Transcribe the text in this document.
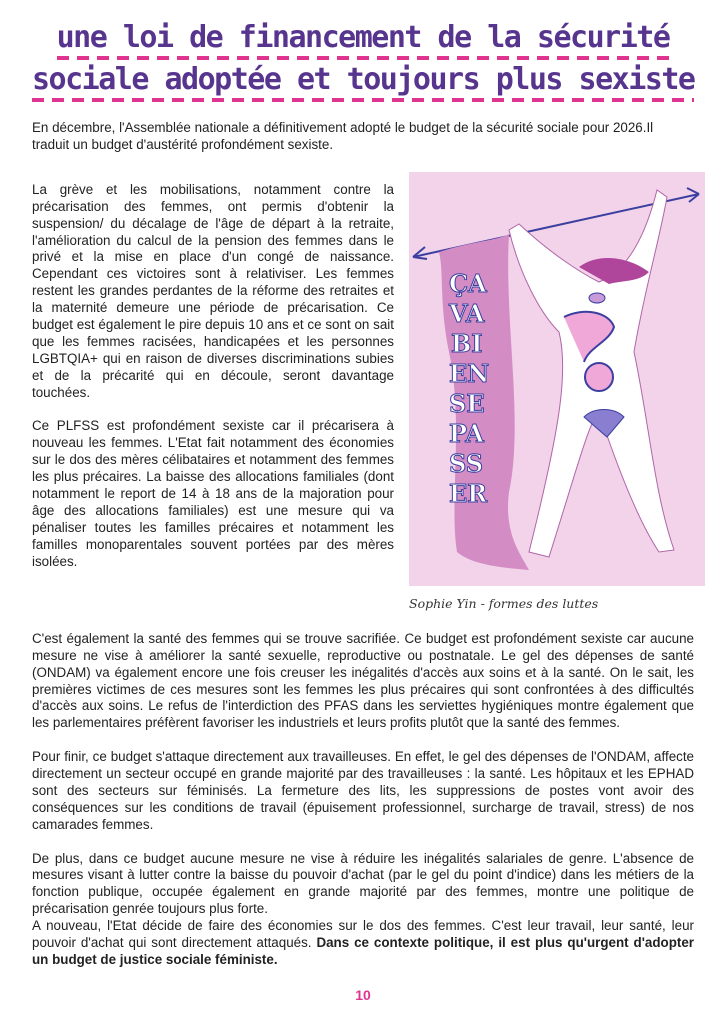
une loi de financement de la sécurité
sociale adoptée et toujours plus sexiste

En décembre, l'Assemblée nationale a définitivement adopté le budget de la sécurité sociale pour 2026.Il traduit un budget d'austérité profondément sexiste.

La grève et les mobilisations, notamment contre la précarisation des femmes, ont permis d'obtenir la suspension/ du décalage de l'âge de départ à la retraite, l'amélioration du calcul de la pension des femmes dans le privé et la mise en place d'un congé de naissance. Cependant ces victoires sont à relativiser. Les femmes restent les grandes perdantes de la réforme des retraites et la maternité demeure une période de précarisation. Ce budget est également le pire depuis 10 ans et ce sont on sait que les femmes racisées, handicapées et les personnes LGBTQIA+ qui en raison de diverses discriminations subies et de la précarité qui en découle, seront davantage touchées.

Ce PLFSS est profondément sexiste car il précarisera à nouveau les femmes. L'Etat fait notamment des économies sur le dos des mères célibataires et notamment des femmes les plus précaires. La baisse des allocations familiales (dont notamment le report de 14 à 18 ans de la majoration pour âge des allocations familiales) est une mesure qui va pénaliser toutes les familles précaires et notamment les familles monoparentales souvent portées par des mères isolées.

ÇA
VA
BI
EN
SE
PA
SS
ER
Sophie Yin - formes des luttes

C'est également la santé des femmes qui se trouve sacrifiée. Ce budget est profondément sexiste car aucune mesure ne vise à améliorer la santé sexuelle, reproductive ou postnatale. Le gel des dépenses de santé (ONDAM) va également encore une fois creuser les inégalités d'accès aux soins et à la santé. On le sait, les premières victimes de ces mesures sont les femmes les plus précaires qui sont confrontées à des difficultés d'accès aux soins. Le refus de l'interdiction des PFAS dans les serviettes hygiéniques montre également que les parlementaires préfèrent favoriser les industriels et leurs profits plutôt que la santé des femmes.

Pour finir, ce budget s'attaque directement aux travailleuses. En effet, le gel des dépenses de l'ONDAM, affecte directement un secteur occupé en grande majorité par des travailleuses : la santé. Les hôpitaux et les EPHAD sont des secteurs sur féminisés. La fermeture des lits, les suppressions de postes vont avoir des conséquences sur les conditions de travail (épuisement professionnel, surcharge de travail, stress) de nos camarades femmes.

De plus, dans ce budget aucune mesure ne vise à réduire les inégalités salariales de genre. L'absence de mesures visant à lutter contre la baisse du pouvoir d'achat (par le gel du point d'indice) dans les métiers de la fonction publique, occupée également en grande majorité par des femmes, montre une politique de précarisation genrée toujours plus forte.

A nouveau, l'Etat décide de faire des économies sur le dos des femmes. C'est leur travail, leur santé, leur pouvoir d'achat qui sont directement attaqués. Dans ce contexte politique, il est plus qu'urgent d'adopter un budget de justice sociale féministe.

10
